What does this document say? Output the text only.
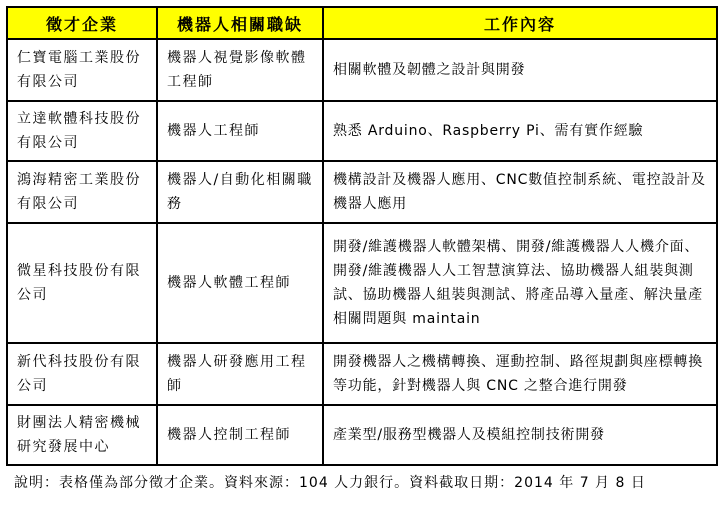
徵才企業	機器人相關職缺	工作內容
仁寶電腦工業股份有限公司	機器人視覺影像軟體工程師	相關軟體及韌體之設計與開發
立達軟體科技股份有限公司	機器人工程師	熟悉 Arduino、Raspberry Pi、需有實作經驗
鴻海精密工業股份有限公司	機器人/自動化相關職務	機構設計及機器人應用、CNC數值控制系統、電控設計及機器人應用
微星科技股份有限公司	機器人軟體工程師	開發/維護機器人軟體架構、開發/維護機器人人機介面、開發/維護機器人人工智慧演算法、協助機器人組裝與測試、協助機器人組裝與測試、將產品導入量產、解決量產相關問題與 maintain
新代科技股份有限公司	機器人研發應用工程師	開發機器人之機構轉換、運動控制、路徑規劃與座標轉換等功能，針對機器人與 CNC 之整合進行開發
財團法人精密機械研究發展中心	機器人控制工程師	產業型/服務型機器人及模組控制技術開發
說明：表格僅為部分徵才企業。資料來源：104 人力銀行。資料截取日期：2014 年 7 月 8 日
